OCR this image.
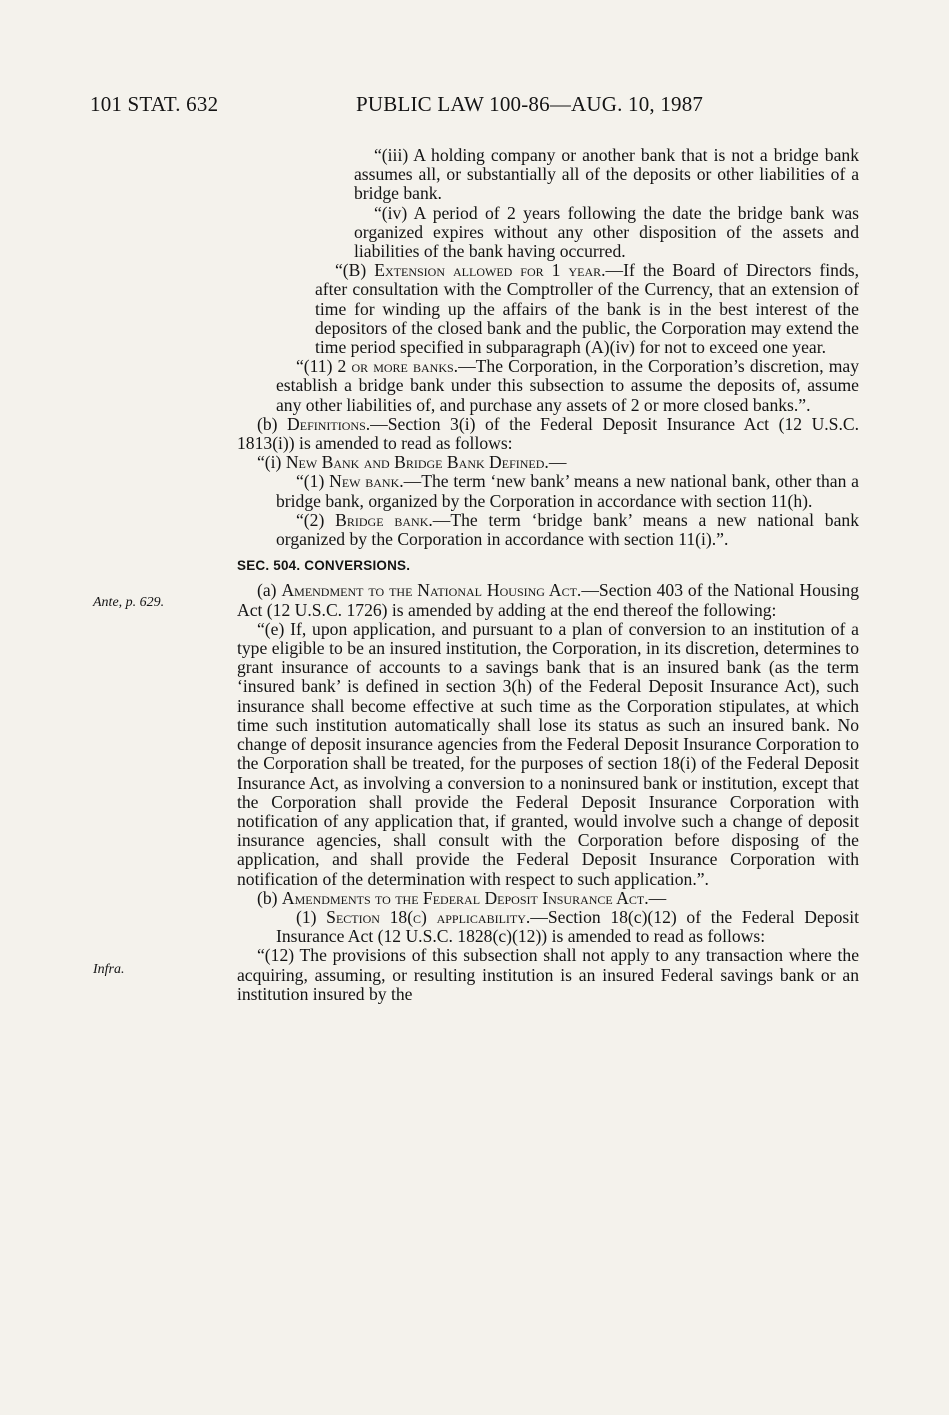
101 STAT. 632	PUBLIC LAW 100-86—AUG. 10, 1987
Ante, p. 629.
Infra.

“(iii) A holding company or another bank that is not a bridge bank assumes all, or substantially all of the deposits or other liabilities of a bridge bank.

“(iv) A period of 2 years following the date the bridge bank was organized expires without any other disposition of the assets and liabilities of the bank having occurred.

“(B) Extension allowed for 1 year.—If the Board of Directors finds, after consultation with the Comptroller of the Currency, that an extension of time for winding up the affairs of the bank is in the best interest of the depositors of the closed bank and the public, the Corporation may extend the time period specified in subparagraph (A)(iv) for not to exceed one year.

“(11) 2 or more banks.—The Corporation, in the Corporation’s discretion, may establish a bridge bank under this subsection to assume the deposits of, assume any other liabilities of, and purchase any assets of 2 or more closed banks.”.

(b) Definitions.—Section 3(i) of the Federal Deposit Insurance Act (12 U.S.C. 1813(i)) is amended to read as follows:

“(i) New Bank and Bridge Bank Defined.—

“(1) New bank.—The term ‘new bank’ means a new national bank, other than a bridge bank, organized by the Corporation in accordance with section 11(h).

“(2) Bridge bank.—The term ‘bridge bank’ means a new national bank organized by the Corporation in accordance with section 11(i).”.

SEC. 504. CONVERSIONS.

(a) Amendment to the National Housing Act.—Section 403 of the National Housing Act (12 U.S.C. 1726) is amended by adding at the end thereof the following:

“(e) If, upon application, and pursuant to a plan of conversion to an institution of a type eligible to be an insured institution, the Corporation, in its discretion, determines to grant insurance of accounts to a savings bank that is an insured bank (as the term ‘insured bank’ is defined in section 3(h) of the Federal Deposit Insurance Act), such insurance shall become effective at such time as the Corporation stipulates, at which time such institution automatically shall lose its status as such an insured bank. No change of deposit insurance agencies from the Federal Deposit Insurance Corporation to the Corporation shall be treated, for the purposes of section 18(i) of the Federal Deposit Insurance Act, as involving a conversion to a noninsured bank or institution, except that the Corporation shall provide the Federal Deposit Insurance Corporation with notification of any application that, if granted, would involve such a change of deposit insurance agencies, shall consult with the Corporation before disposing of the application, and shall provide the Federal Deposit Insurance Corporation with notification of the determination with respect to such application.”.

(b) Amendments to the Federal Deposit Insurance Act.—

(1) Section 18(c) applicability.—Section 18(c)(12) of the Federal Deposit Insurance Act (12 U.S.C. 1828(c)(12)) is amended to read as follows:

“(12) The provisions of this subsection shall not apply to any transaction where the acquiring, assuming, or resulting institution is an insured Federal savings bank or an institution insured by the
